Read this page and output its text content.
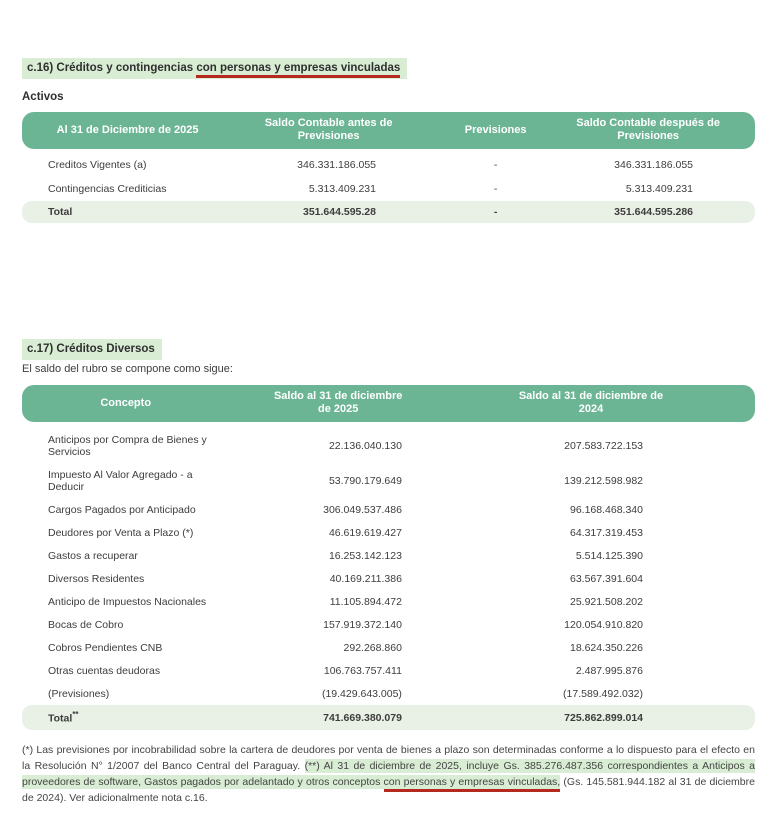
c.16) Créditos y contingencias con personas y empresas vinculadas
Activos
Al 31 de Diciembre de 2025	Saldo Contable antes de Previsiones	Previsiones	Saldo Contable después de Previsiones
Creditos Vigentes (a)	346.331.186.055	-	346.331.186.055
Contingencias Crediticias	5.313.409.231	-	5.313.409.231
Total	351.644.595.28	-	351.644.595.286
c.17) Créditos Diversos
El saldo del rubro se compone como sigue:
Concepto	Saldo al 31 de diciembre de 2025	Saldo al 31 de diciembre de 2024
Anticipos por Compra de Bienes y Servicios	22.136.040.130	207.583.722.153
Impuesto Al Valor Agregado - a Deducir	53.790.179.649	139.212.598.982
Cargos Pagados por Anticipado	306.049.537.486	96.168.468.340
Deudores por Venta a Plazo (*)	46.619.619.427	64.317.319.453
Gastos a recuperar	16.253.142.123	5.514.125.390
Diversos Residentes	40.169.211.386	63.567.391.604
Anticipo de Impuestos Nacionales	11.105.894.472	25.921.508.202
Bocas de Cobro	157.919.372.140	120.054.910.820
Cobros Pendientes CNB	292.268.860	18.624.350.226
Otras cuentas deudoras	106.763.757.411	2.487.995.876
(Previsiones)	(19.429.643.005)	(17.589.492.032)
Total**	741.669.380.079	725.862.899.014
(*) Las previsiones por incobrabilidad sobre la cartera de deudores por venta de bienes a plazo son determinadas conforme a lo dispuesto para el efecto en la Resolución N° 1/2007 del Banco Central del Paraguay. (**) Al 31 de diciembre de 2025, incluye Gs. 385.276.487.356 correspondientes a Anticipos a proveedores de software, Gastos pagados por adelantado y otros conceptos con personas y empresas vinculadas, (Gs. 145.581.944.182 al 31 de diciembre de 2024). Ver adicionalmente nota c.16.
